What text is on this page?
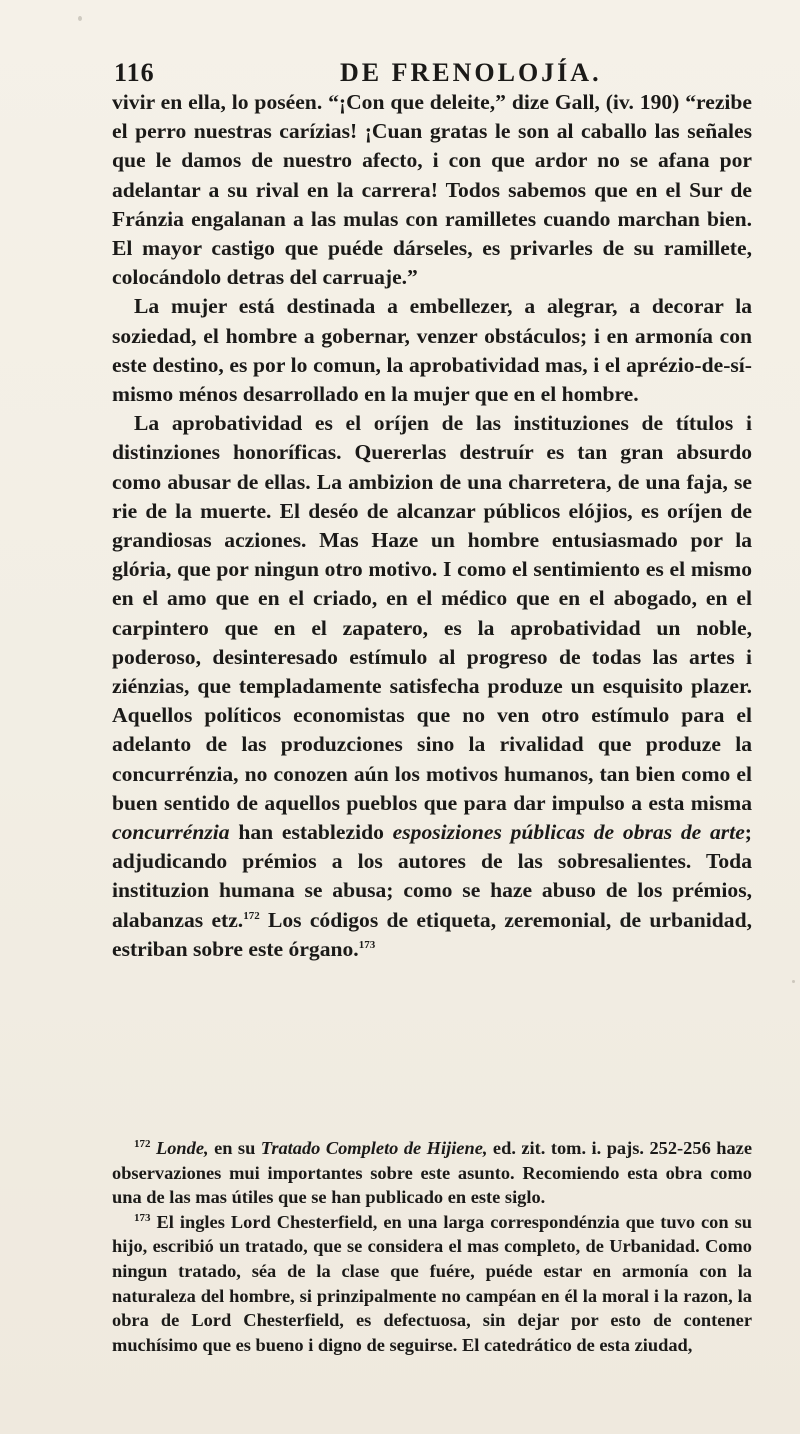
116	DE FRENOLOJÍA.

vivir en ella, lo poséen. “¡Con que deleite,” dize Gall, (iv. 190) “rezibe el perro nuestras carízias! ¡Cuan gratas le son al caballo las señales que le damos de nuestro afecto, i con que ardor no se afana por adelantar a su rival en la carrera! Todos sabemos que en el Sur de Fránzia engalanan a las mulas con ramilletes cuando marchan bien. El mayor castigo que puéde dárseles, es privarles de su ramillete, colocándolo detras del carruaje.”

La mujer está destinada a embellezer, a alegrar, a decorar la soziedad, el hombre a gobernar, venzer obstáculos; i en armonía con este destino, es por lo comun, la aprobatividad mas, i el aprézio-de-sí-mismo ménos desarrollado en la mujer que en el hombre.

La aprobatividad es el oríjen de las instituziones de títulos i distinziones honoríficas. Quererlas destruír es tan gran absurdo como abusar de ellas. La ambizion de una charretera, de una faja, se rie de la muerte. El deséo de alcanzar públicos elójios, es oríjen de grandiosas acziones. Mas Haze un hombre entusiasmado por la glória, que por ningun otro motivo. I como el sentimiento es el mismo en el amo que en el criado, en el médico que en el abogado, en el carpintero que en el zapatero, es la aprobatividad un noble, poderoso, desinteresado estímulo al progreso de todas las artes i ziénzias, que templadamente satisfecha produze un esquisito plazer. Aquellos políticos economistas que no ven otro estímulo para el adelanto de las produzciones sino la rivalidad que produze la concurrénzia, no conozen aún los motivos humanos, tan bien como el buen sentido de aquellos pueblos que para dar impulso a esta misma concurrénzia han establezido esposiziones públicas de obras de arte; adjudicando prémios a los autores de las sobresalientes. Toda instituzion humana se abusa; como se haze abuso de los prémios, alabanzas etz.$^{172}$ Los códigos de etiqueta, zeremonial, de urbanidad, estriban sobre este órgano.$^{173}$

$^{172}$ Londe, en su Tratado Completo de Hijiene, ed. zit. tom. i. pajs. 252-256 haze observaziones mui importantes sobre este asunto. Recomiendo esta obra como una de las mas útiles que se han publicado en este siglo.

$^{173}$ El ingles Lord Chesterfield, en una larga correspondénzia que tuvo con su hijo, escribió un tratado, que se considera el mas completo, de Urbanidad. Como ningun tratado, séa de la clase que fuére, puéde estar en armonía con la naturaleza del hombre, si prinzipalmente no campéan en él la moral i la razon, la obra de Lord Chesterfield, es defectuosa, sin dejar por esto de contener muchísimo que es bueno i digno de seguirse. El catedrático de esta ziudad,
